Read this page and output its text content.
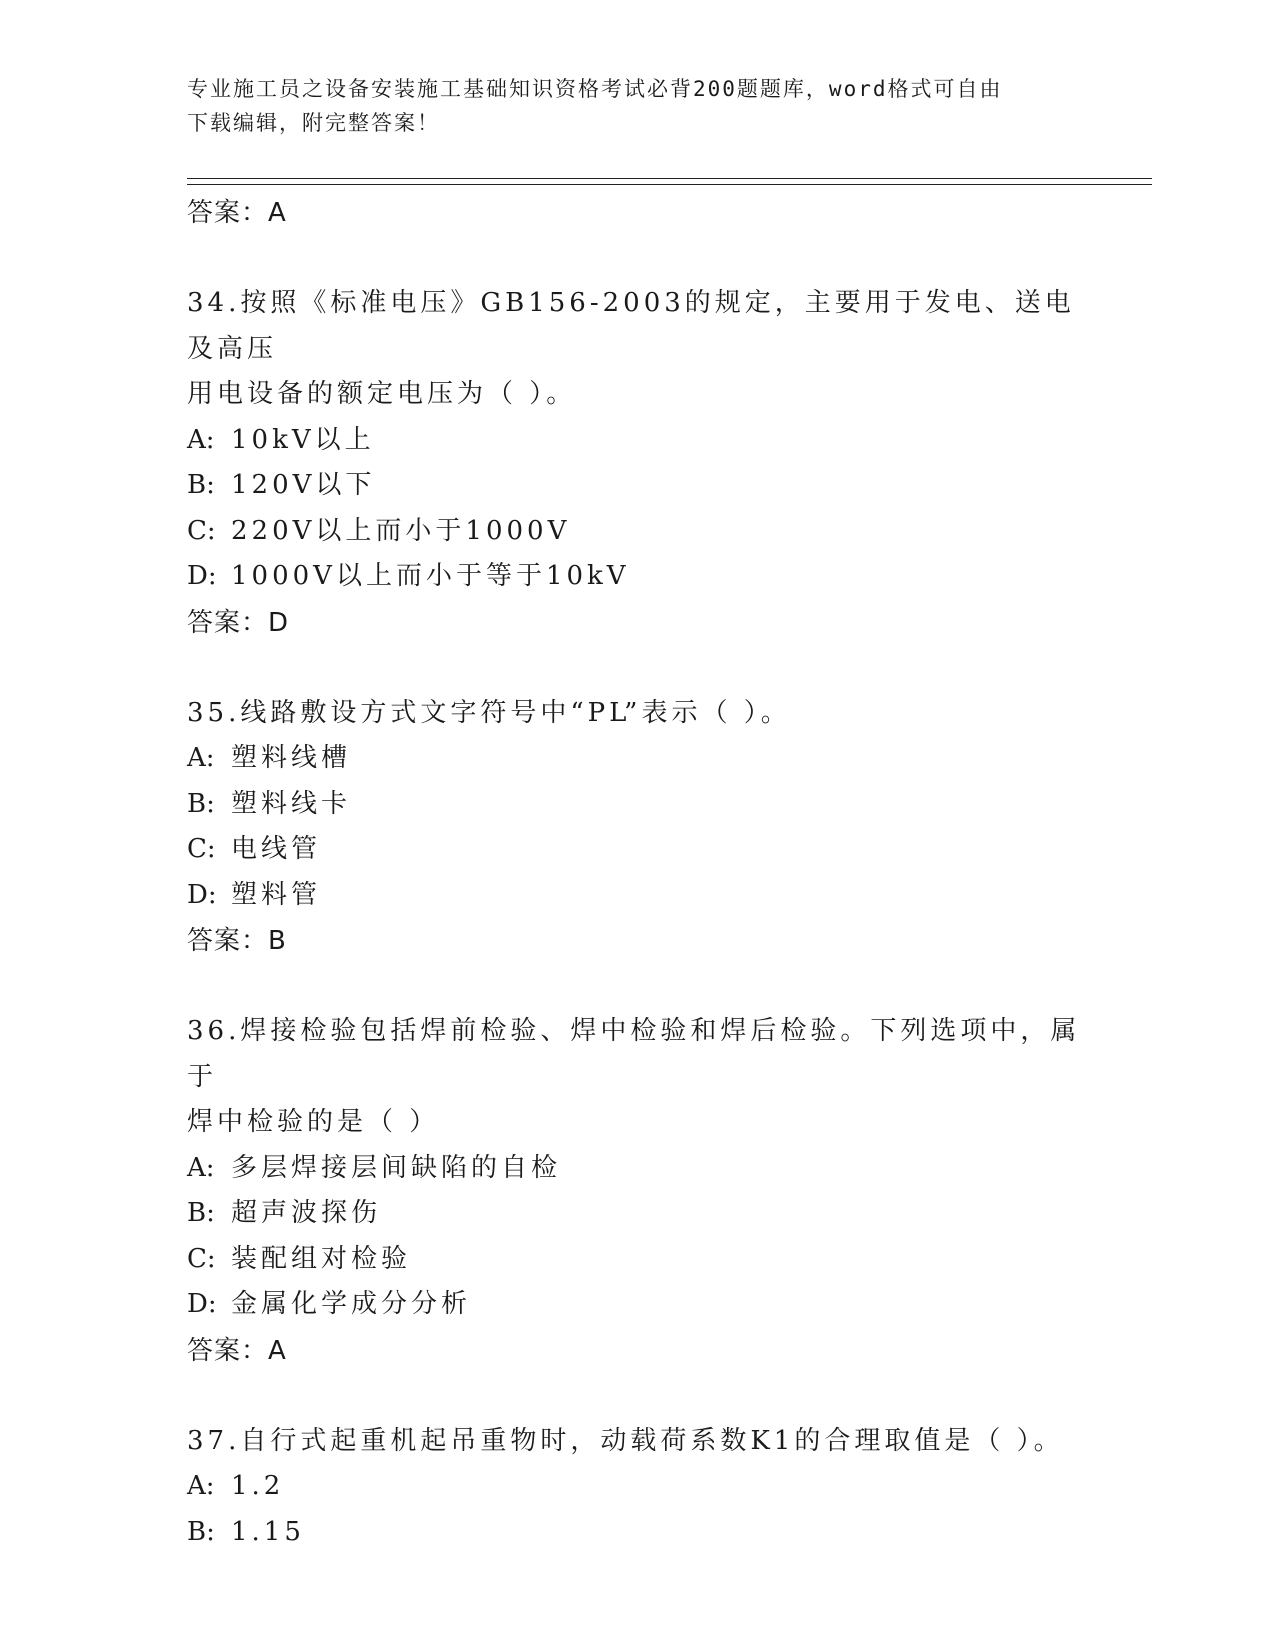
专业施工员之设备安装施工基础知识资格考试必背200题题库，word格式可自由
下载编辑，附完整答案！
答案：A
34.按照《标准电压》GB156-2003的规定，主要用于发电、送电及高压
用电设备的额定电压为（ ）。
A: 10kV以上
B: 120V以下
C: 220V以上而小于1000V
D: 1000V以上而小于等于10kV
答案：D
35.线路敷设方式文字符号中“PL”表示（ ）。
A: 塑料线槽
B: 塑料线卡
C: 电线管
D: 塑料管
答案：B
36.焊接检验包括焊前检验、焊中检验和焊后检验。下列选项中，属于
焊中检验的是（ ）
A: 多层焊接层间缺陷的自检
B: 超声波探伤
C: 装配组对检验
D: 金属化学成分分析
答案：A
37.自行式起重机起吊重物时，动载荷系数K1的合理取值是（ ）。
A: 1.2
B: 1.15
